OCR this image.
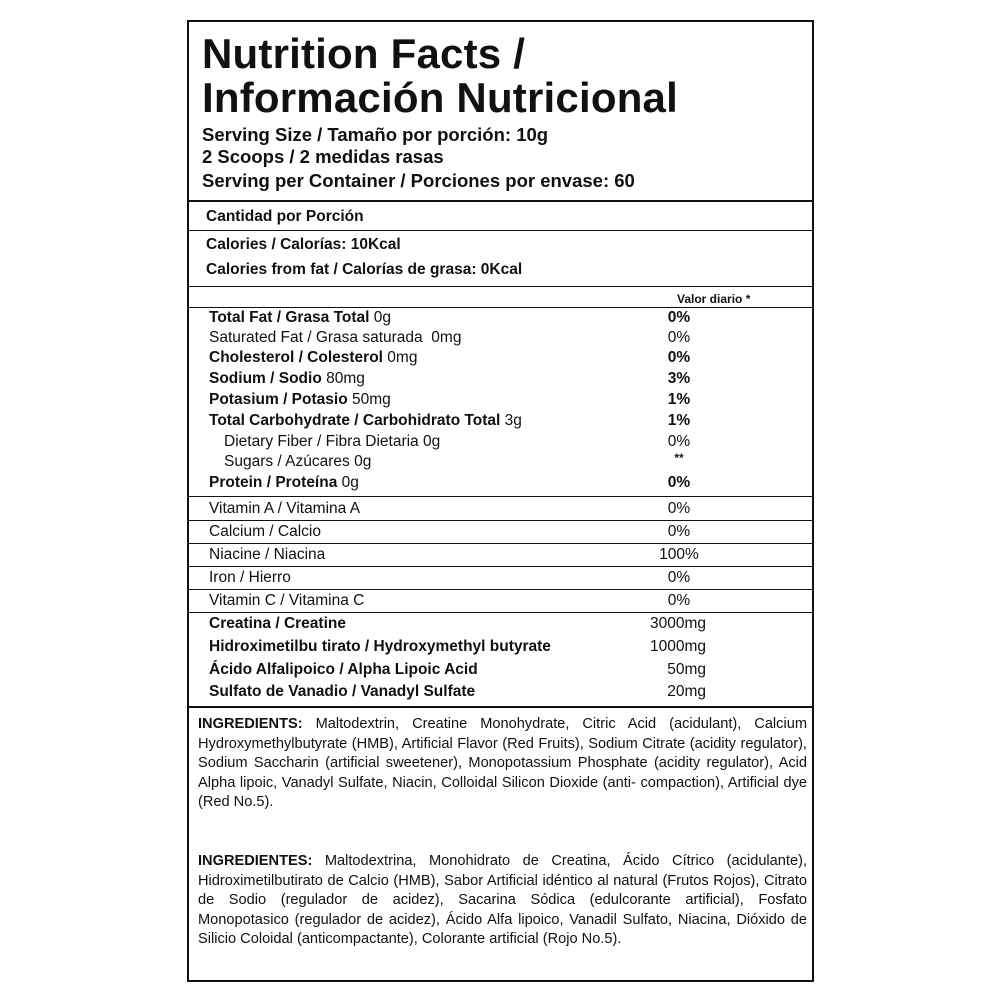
Nutrition Facts /
Información Nutricional
Serving Size / Tamaño por porción: 10g
2 Scoops / 2 medidas rasas
Serving per Container / Porciones por envase: 60
Cantidad por Porción
Calories / Calorías: 10Kcal
Calories from fat / Calorías de grasa: 0Kcal
Valor diario *
Total Fat / Grasa Total 0g	0%
Saturated Fat / Grasa saturada 0mg	0%
Cholesterol / Colesterol 0mg	0%
Sodium / Sodio 80mg	3%
Potasium / Potasio 50mg	1%
Total Carbohydrate / Carbohidrato Total 3g	1%
Dietary Fiber / Fibra Dietaria 0g	0%
Sugars / Azúcares 0g	**
Protein / Proteína 0g	0%
Vitamin A / Vitamina A	0%
Calcium / Calcio	0%
Niacine / Niacina	100%
Iron / Hierro	0%
Vitamin C / Vitamina C	0%
Creatina / Creatine	3000mg
Hidroximetilbu tirato / Hydroxymethyl butyrate	1000mg
Ácido Alfalipoico / Alpha Lipoic Acid	50mg
Sulfato de Vanadio / Vanadyl Sulfate	20mg
INGREDIENTS: Maltodextrin, Creatine Monohydrate, Citric Acid (acidulant), Calcium Hydroxymethylbutyrate (HMB), Artificial Flavor (Red Fruits), Sodium Citrate (acidity regulator), Sodium Saccharin (artificial sweetener), Monopotassium Phosphate (acidity regulator), Acid Alpha lipoic, Vanadyl Sulfate, Niacin, Colloidal Silicon Dioxide (anti- compaction), Artificial dye (Red No.5).
INGREDIENTES: Maltodextrina, Monohidrato de Creatina, Ácido Cítrico (acidulante), Hidroximetilbutirato de Calcio (HMB), Sabor Artificial idéntico al natural (Frutos Rojos), Citrato de Sodio (regulador de acidez), Sacarina Sódica (edulcorante artificial), Fosfato Monopotasico (regulador de acidez), Ácido Alfa lipoico, Vanadil Sulfato, Niacina, Dióxido de Silicio Coloidal (anticompactante), Colorante artificial (Rojo No.5).
